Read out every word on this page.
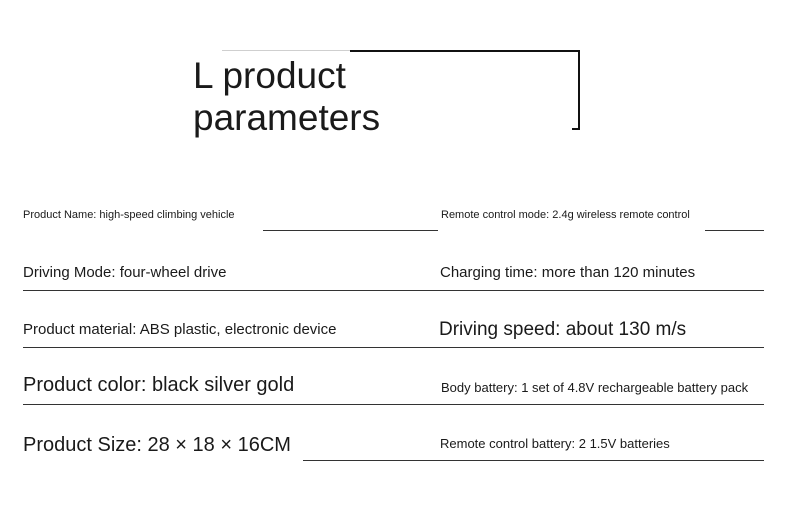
L product
parameters
Product Name: high-speed climbing vehicle	Remote control mode: 2.4g wireless remote control
Driving Mode: four-wheel drive	Charging time: more than 120 minutes
Product material: ABS plastic, electronic device	Driving speed: about 130 m/s
Product color: black silver gold	Body battery: 1 set of 4.8V rechargeable battery pack
Product Size: 28 × 18 × 16CM	Remote control battery: 2 1.5V batteries
